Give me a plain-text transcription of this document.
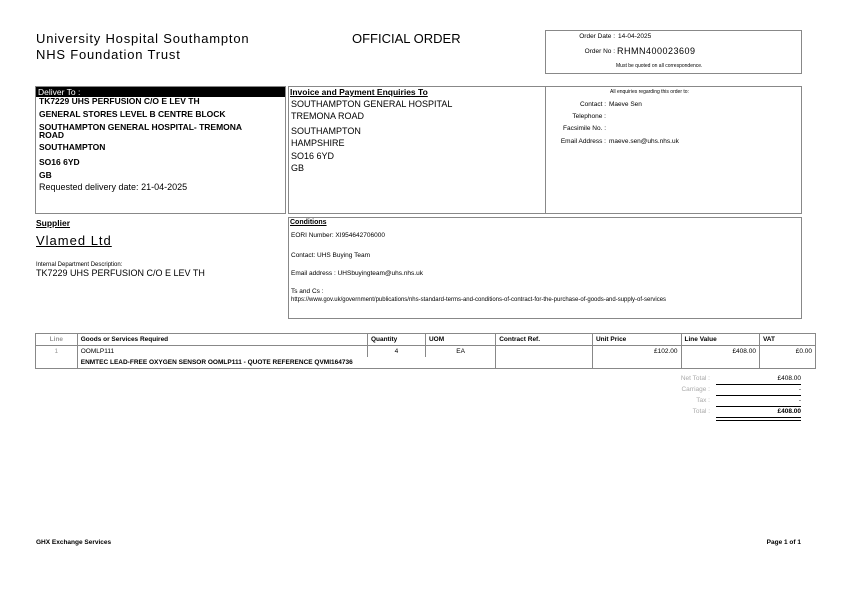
University Hospital Southampton
NHS Foundation Trust
OFFICIAL ORDER	Order Date : 14-04-2025
Order No : RHMN400023609
Must be quoted on all correspondence.
Deliver To :
TK7229 UHS PERFUSION C/O E LEV TH
GENERAL STORES LEVEL B CENTRE BLOCK
SOUTHAMPTON GENERAL HOSPITAL- TREMONA
ROAD
SOUTHAMPTON
SO16 6YD
GB
Requested delivery date: 21-04-2025
Invoice and Payment Enquiries To
SOUTHAMPTON GENERAL HOSPITAL
TREMONA ROAD
SOUTHAMPTON
HAMPSHIRE
SO16 6YD
GB
All enquiries regarding this order to:
Contact : Maeve Sen
Telephone :
Facsimile No. :
Email Address : maeve.sen@uhs.nhs.uk
Supplier
Vlamed Ltd
Internal Department Description:
TK7229 UHS PERFUSION C/O E LEV TH
Conditions
EORI Number: XI954642706000
Contact: UHS Buying Team
Email address : UHSbuyingteam@uhs.nhs.uk
Ts and Cs :
https://www.gov.uk/government/publications/nhs-standard-terms-and-conditions-of-contract-for-the-purchase-of-goods-and-supply-of-services
Line	Goods or Services Required	Quantity	UOM	Contract Ref.	Unit Price	Line Value	VAT
1	OOMLP111	4	EA		£102.00	£408.00	£0.00
	ENMTEC LEAD-FREE OXYGEN SENSOR OOMLP111 - QUOTE REFERENCE QVMI164736						
Net Total :	£408.00
Carriage :	-
Tax :	-
Total :	£408.00
GHX Exchange Services	Page 1 of 1
